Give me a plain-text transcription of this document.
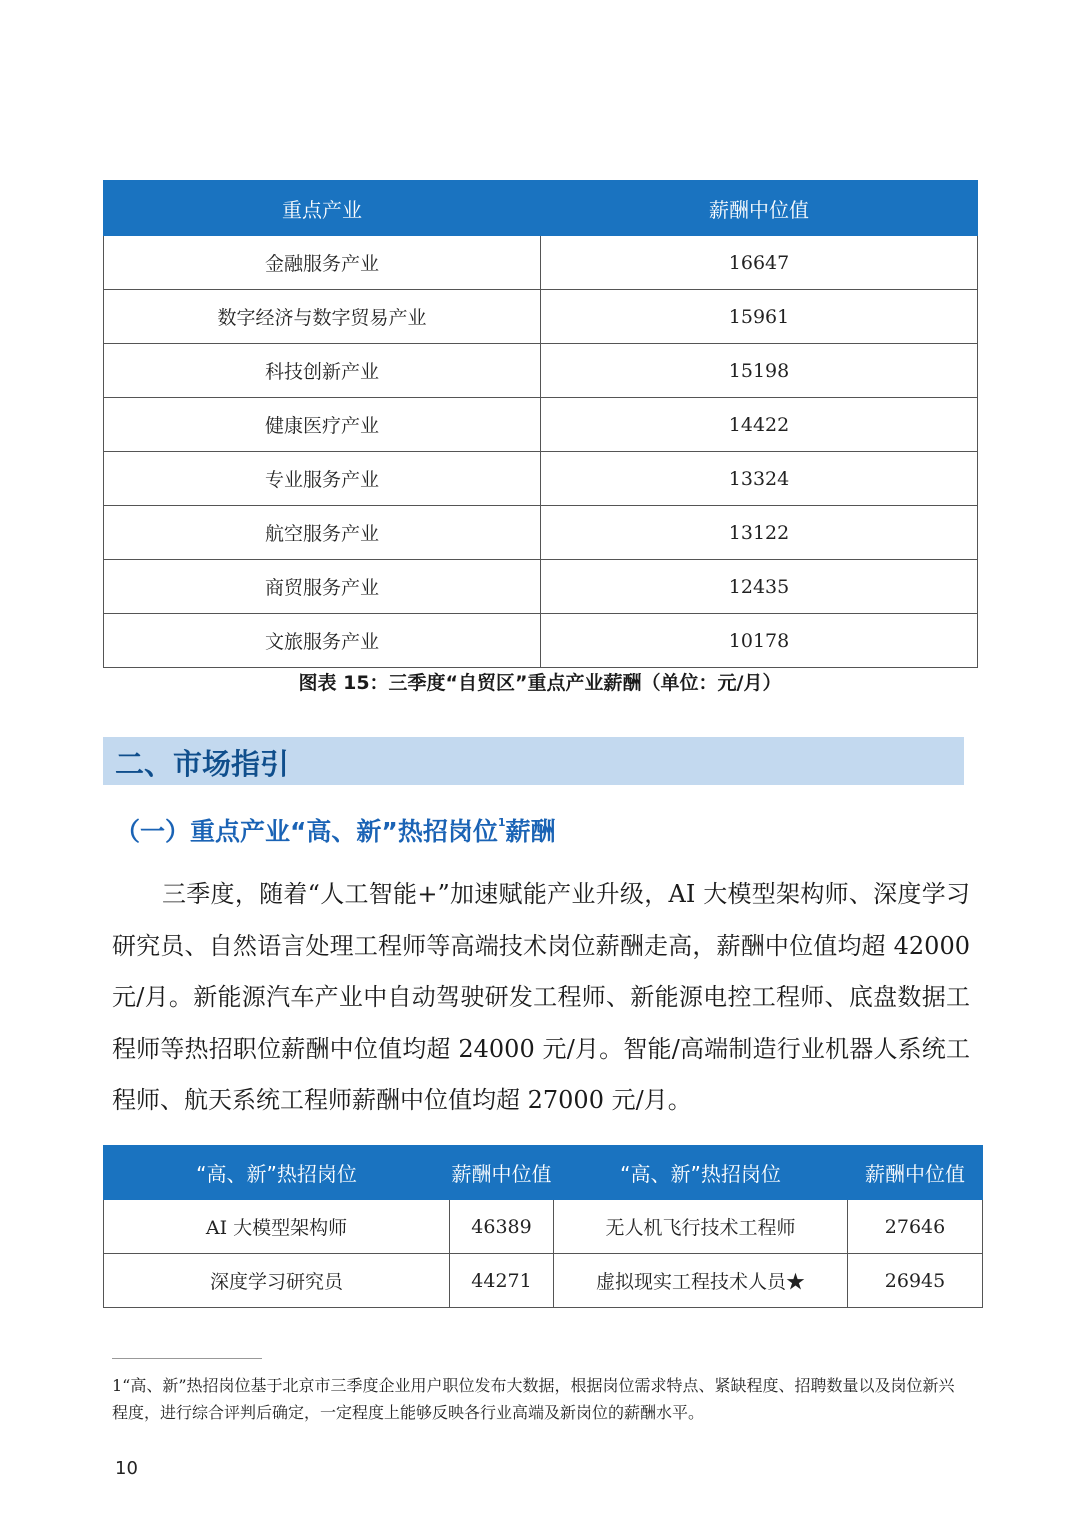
重点产业	薪酬中位值
金融服务产业	16647
数字经济与数字贸易产业	15961
科技创新产业	15198
健康医疗产业	14422
专业服务产业	13324
航空服务产业	13122
商贸服务产业	12435
文旅服务产业	10178
图表 15：三季度“自贸区”重点产业薪酬（单位：元/月）
二、市场指引
（一）重点产业“高、新”热招岗位$^1$薪酬

三季度，随着“人工智能+”加速赋能产业升级，AI 大模型架构师、深度学习研究员、自然语言处理工程师等高端技术岗位薪酬走高，薪酬中位值均超 42000 元/月。新能源汽车产业中自动驾驶研发工程师、新能源电控工程师、底盘数据工程师等热招职位薪酬中位值均超 24000 元/月。智能/高端制造行业机器人系统工程师、航天系统工程师薪酬中位值均超 27000 元/月。

“高、新”热招岗位	薪酬中位值	“高、新”热招岗位	薪酬中位值
AI 大模型架构师	46389	无人机飞行技术工程师	27646
深度学习研究员	44271	虚拟现实工程技术人员★	26945

1“高、新”热招岗位基于北京市三季度企业用户职位发布大数据，根据岗位需求特点、紧缺程度、招聘数量以及岗位新兴程度，进行综合评判后确定，一定程度上能够反映各行业高端及新岗位的薪酬水平。

10
